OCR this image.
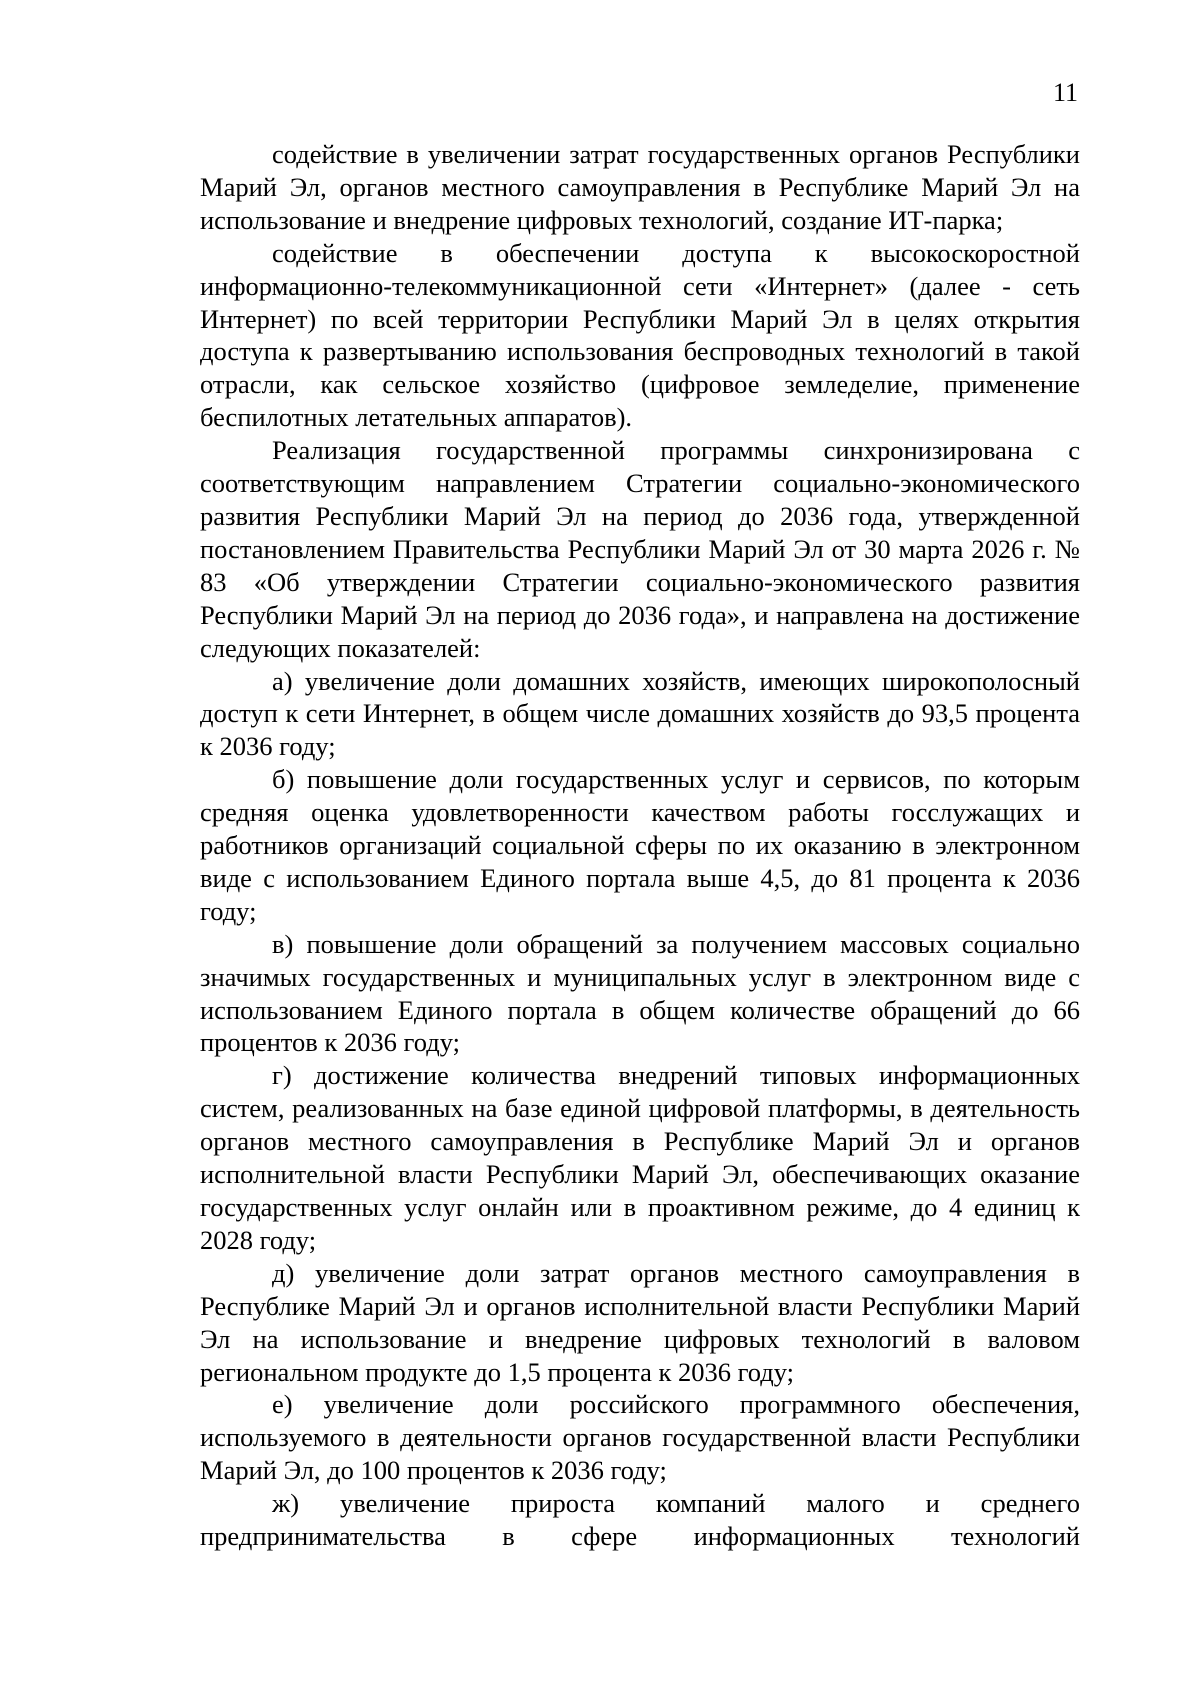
11

содействие в увеличении затрат государственных органов Республики Марий Эл, органов местного самоуправления в Республике Марий Эл на использование и внедрение цифровых технологий, создание ИТ-парка;

содействие в обеспечении доступа к высокоскоростной информационно-телекоммуникационной сети «Интернет» (далее - сеть Интернет) по всей территории Республики Марий Эл в целях открытия доступа к развертыванию использования беспроводных технологий в такой отрасли, как сельское хозяйство (цифровое земледелие, применение беспилотных летательных аппаратов).

Реализация государственной программы синхронизирована с соответствующим направлением Стратегии социально-экономического развития Республики Марий Эл на период до 2036 года, утвержденной постановлением Правительства Республики Марий Эл от 30 марта 2026 г. № 83 «Об утверждении Стратегии социально-экономического развития Республики Марий Эл на период до 2036 года», и направлена на достижение следующих показателей:

а) увеличение доли домашних хозяйств, имеющих широкополосный доступ к сети Интернет, в общем числе домашних хозяйств до 93,5 процента к 2036 году;

б) повышение доли государственных услуг и сервисов, по которым средняя оценка удовлетворенности качеством работы госслужащих и работников организаций социальной сферы по их оказанию в электронном виде с использованием Единого портала выше 4,5, до 81 процента к 2036 году;

в) повышение доли обращений за получением массовых социально значимых государственных и муниципальных услуг в электронном виде с использованием Единого портала в общем количестве обращений до 66 процентов к 2036 году;

г) достижение количества внедрений типовых информационных систем, реализованных на базе единой цифровой платформы, в деятельность органов местного самоуправления в Республике Марий Эл и органов исполнительной власти Республики Марий Эл, обеспечивающих оказание государственных услуг онлайн или в проактивном режиме, до 4 единиц к 2028 году;

д) увеличение доли затрат органов местного самоуправления в Республике Марий Эл и органов исполнительной власти Республики Марий Эл на использование и внедрение цифровых технологий в валовом региональном продукте до 1,5 процента к 2036 году;

е) увеличение доли российского программного обеспечения, используемого в деятельности органов государственной власти Республики Марий Эл, до 100 процентов к 2036 году;

ж) увеличение прироста компаний малого и среднего предпринимательства в сфере информационных технологий
